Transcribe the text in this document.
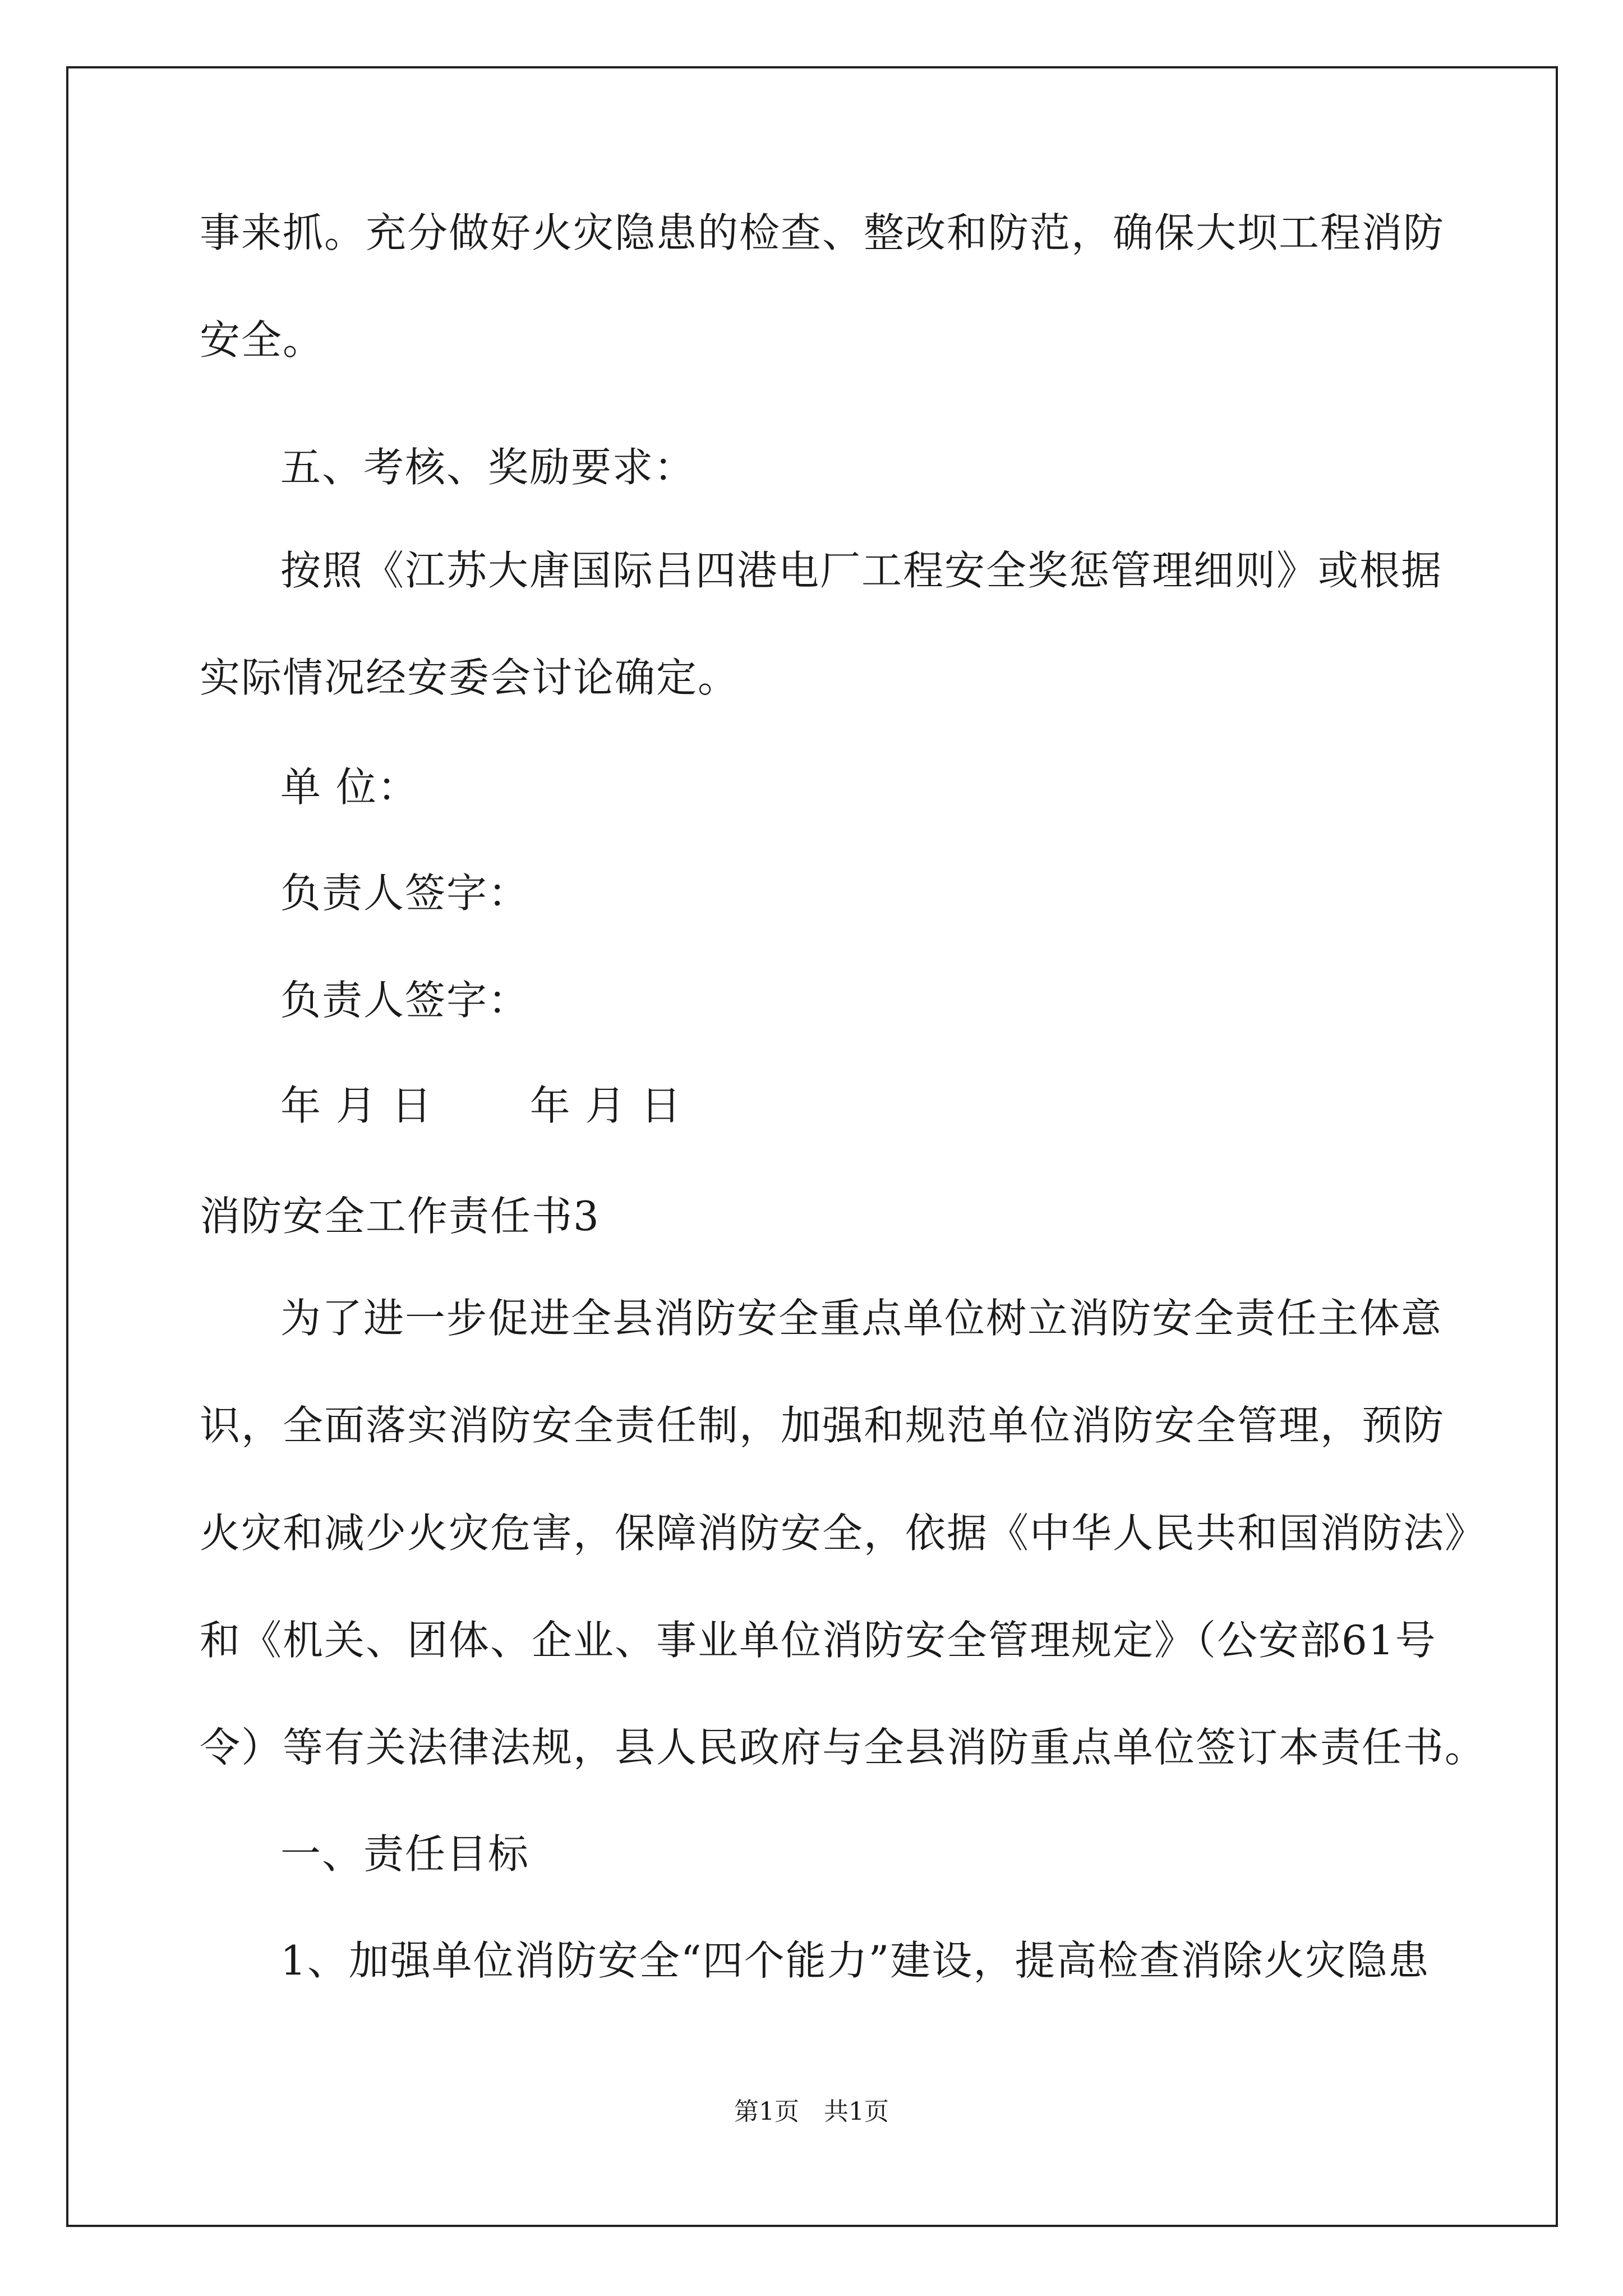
事来抓。充分做好火灾隐患的检查、整改和防范，确保大坝工程消防
安全。
五、考核、奖励要求：
按照《江苏大唐国际吕四港电厂工程安全奖惩管理细则》或根据
实际情况经安委会讨论确定。
单 位：
负责人签字：
负责人签字：
年 月 日　　 年 月 日
消防安全工作责任书3
为了进一步促进全县消防安全重点单位树立消防安全责任主体意
识，全面落实消防安全责任制，加强和规范单位消防安全管理，预防
火灾和减少火灾危害，保障消防安全，依据《中华人民共和国消防法》
和《机关、团体、企业、事业单位消防安全管理规定》（公安部61号
令）等有关法律法规，县人民政府与全县消防重点单位签订本责任书。
一、责任目标
1、加强单位消防安全“四个能力”建设，提高检查消除火灾隐患
第1页　共1页
